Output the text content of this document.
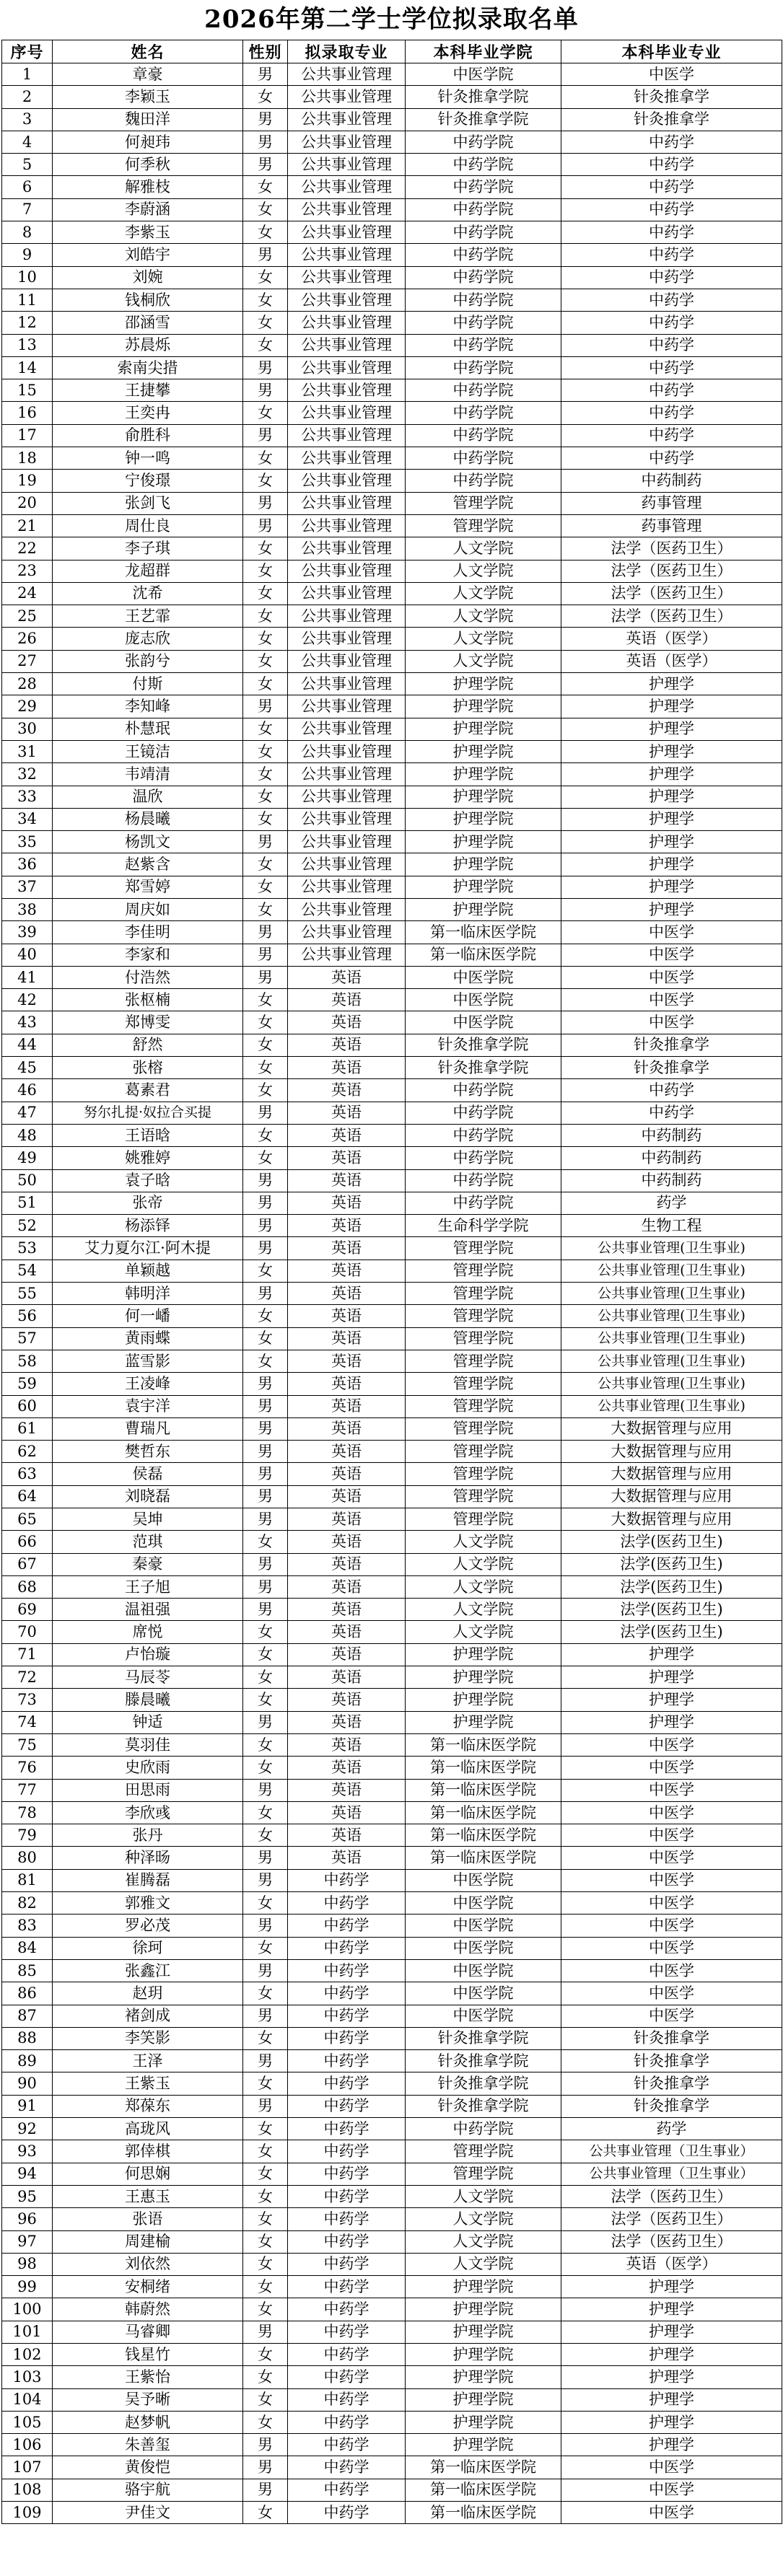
2026年第二学士学位拟录取名单
序号	姓名	性别	拟录取专业	本科毕业学院	本科毕业专业
1	章豪	男	公共事业管理	中医学院	中医学
2	李颖玉	女	公共事业管理	针灸推拿学院	针灸推拿学
3	魏田洋	男	公共事业管理	针灸推拿学院	针灸推拿学
4	何昶玮	男	公共事业管理	中药学院	中药学
5	何季秋	男	公共事业管理	中药学院	中药学
6	解雅枝	女	公共事业管理	中药学院	中药学
7	李蔚涵	女	公共事业管理	中药学院	中药学
8	李紫玉	女	公共事业管理	中药学院	中药学
9	刘皓宇	男	公共事业管理	中药学院	中药学
10	刘婉	女	公共事业管理	中药学院	中药学
11	钱桐欣	女	公共事业管理	中药学院	中药学
12	邵涵雪	女	公共事业管理	中药学院	中药学
13	苏晨烁	女	公共事业管理	中药学院	中药学
14	索南尖措	男	公共事业管理	中药学院	中药学
15	王捷攀	男	公共事业管理	中药学院	中药学
16	王奕冉	女	公共事业管理	中药学院	中药学
17	俞胜科	男	公共事业管理	中药学院	中药学
18	钟一鸣	女	公共事业管理	中药学院	中药学
19	宁俊璟	女	公共事业管理	中药学院	中药制药
20	张剑飞	男	公共事业管理	管理学院	药事管理
21	周仕良	男	公共事业管理	管理学院	药事管理
22	李子琪	女	公共事业管理	人文学院	法学（医药卫生）
23	龙超群	女	公共事业管理	人文学院	法学（医药卫生）
24	沈希	女	公共事业管理	人文学院	法学（医药卫生）
25	王艺霏	女	公共事业管理	人文学院	法学（医药卫生）
26	庞志欣	女	公共事业管理	人文学院	英语（医学）
27	张韵兮	女	公共事业管理	人文学院	英语（医学）
28	付斯	女	公共事业管理	护理学院	护理学
29	李知峰	男	公共事业管理	护理学院	护理学
30	朴慧珉	女	公共事业管理	护理学院	护理学
31	王镜洁	女	公共事业管理	护理学院	护理学
32	韦靖清	女	公共事业管理	护理学院	护理学
33	温欣	女	公共事业管理	护理学院	护理学
34	杨晨曦	女	公共事业管理	护理学院	护理学
35	杨凯文	男	公共事业管理	护理学院	护理学
36	赵紫含	女	公共事业管理	护理学院	护理学
37	郑雪婷	女	公共事业管理	护理学院	护理学
38	周庆如	女	公共事业管理	护理学院	护理学
39	李佳明	男	公共事业管理	第一临床医学院	中医学
40	李家和	男	公共事业管理	第一临床医学院	中医学
41	付浩然	男	英语	中医学院	中医学
42	张枢楠	女	英语	中医学院	中医学
43	郑博雯	女	英语	中医学院	中医学
44	舒然	女	英语	针灸推拿学院	针灸推拿学
45	张榕	女	英语	针灸推拿学院	针灸推拿学
46	葛素君	女	英语	中药学院	中药学
47	努尔扎提·奴拉合买提	男	英语	中药学院	中药学
48	王语晗	女	英语	中药学院	中药制药
49	姚雅婷	女	英语	中药学院	中药制药
50	袁子晗	男	英语	中药学院	中药制药
51	张帝	男	英语	中药学院	药学
52	杨添铎	男	英语	生命科学学院	生物工程
53	艾力夏尔江·阿木提	男	英语	管理学院	公共事业管理(卫生事业)
54	单颖越	女	英语	管理学院	公共事业管理(卫生事业)
55	韩明洋	男	英语	管理学院	公共事业管理(卫生事业)
56	何一嶓	女	英语	管理学院	公共事业管理(卫生事业)
57	黄雨蝶	女	英语	管理学院	公共事业管理(卫生事业)
58	蓝雪影	女	英语	管理学院	公共事业管理(卫生事业)
59	王凌峰	男	英语	管理学院	公共事业管理(卫生事业)
60	袁宇洋	男	英语	管理学院	公共事业管理(卫生事业)
61	曹瑞凡	男	英语	管理学院	大数据管理与应用
62	樊哲东	男	英语	管理学院	大数据管理与应用
63	侯磊	男	英语	管理学院	大数据管理与应用
64	刘晓磊	男	英语	管理学院	大数据管理与应用
65	吴坤	男	英语	管理学院	大数据管理与应用
66	范琪	女	英语	人文学院	法学(医药卫生)
67	秦豪	男	英语	人文学院	法学(医药卫生)
68	王子旭	男	英语	人文学院	法学(医药卫生)
69	温祖强	男	英语	人文学院	法学(医药卫生)
70	席悦	女	英语	人文学院	法学(医药卫生)
71	卢怡璇	女	英语	护理学院	护理学
72	马辰苓	女	英语	护理学院	护理学
73	滕晨曦	女	英语	护理学院	护理学
74	钟适	男	英语	护理学院	护理学
75	莫羽佳	女	英语	第一临床医学院	中医学
76	史欣雨	女	英语	第一临床医学院	中医学
77	田思雨	男	英语	第一临床医学院	中医学
78	李欣彧	女	英语	第一临床医学院	中医学
79	张丹	女	英语	第一临床医学院	中医学
80	种泽旸	男	英语	第一临床医学院	中医学
81	崔腾磊	男	中药学	中医学院	中医学
82	郭雅文	女	中药学	中医学院	中医学
83	罗必茂	男	中药学	中医学院	中医学
84	徐珂	女	中药学	中医学院	中医学
85	张鑫江	男	中药学	中医学院	中医学
86	赵玥	女	中药学	中医学院	中医学
87	褚剑成	男	中药学	中医学院	中医学
88	李笑影	女	中药学	针灸推拿学院	针灸推拿学
89	王泽	男	中药学	针灸推拿学院	针灸推拿学
90	王紫玉	女	中药学	针灸推拿学院	针灸推拿学
91	郑葆东	男	中药学	针灸推拿学院	针灸推拿学
92	高珑风	女	中药学	中药学院	药学
93	郭倖棋	女	中药学	管理学院	公共事业管理（卫生事业）
94	何思娴	女	中药学	管理学院	公共事业管理（卫生事业）
95	王惠玉	女	中药学	人文学院	法学（医药卫生）
96	张语	女	中药学	人文学院	法学（医药卫生）
97	周建榆	女	中药学	人文学院	法学（医药卫生）
98	刘依然	女	中药学	人文学院	英语（医学）
99	安桐绪	女	中药学	护理学院	护理学
100	韩蔚然	女	中药学	护理学院	护理学
101	马睿卿	男	中药学	护理学院	护理学
102	钱星竹	女	中药学	护理学院	护理学
103	王紫怡	女	中药学	护理学院	护理学
104	吴予晰	女	中药学	护理学院	护理学
105	赵梦帆	女	中药学	护理学院	护理学
106	朱善玺	男	中药学	护理学院	护理学
107	黄俊恺	男	中药学	第一临床医学院	中医学
108	骆宇航	男	中药学	第一临床医学院	中医学
109	尹佳文	女	中药学	第一临床医学院	中医学
